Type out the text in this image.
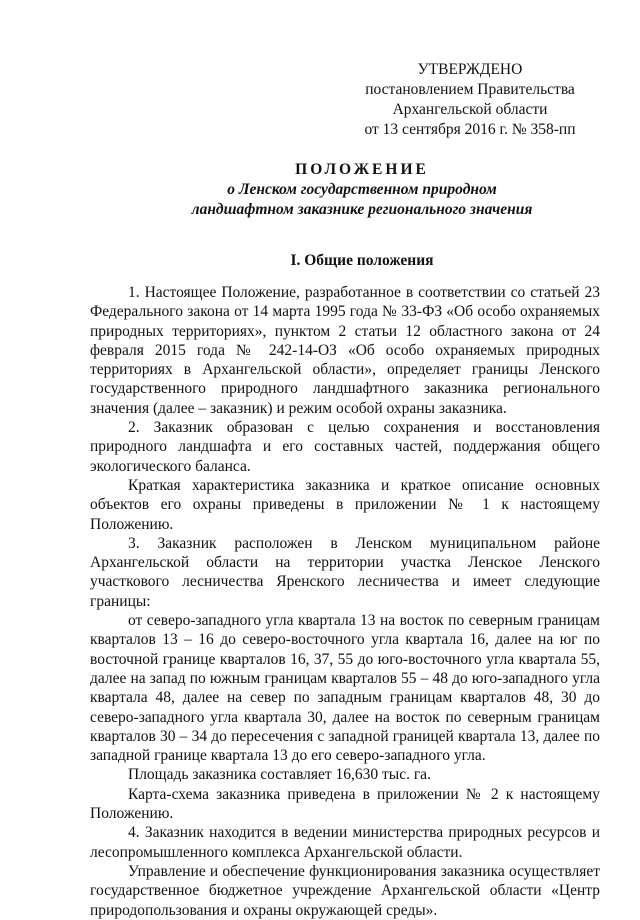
УТВЕРЖДЕНО
постановлением Правительства
Архангельской области
от 13 сентября 2016 г. № 358-пп
ПОЛОЖЕНИЕ
о Ленском государственном природном
ландшафтном заказнике регионального значения
I. Общие положения

1. Настоящее Положение, разработанное в соответствии со статьей 23 Федерального закона от 14 марта 1995 года № 33-ФЗ «Об особо охраняемых природных территориях», пунктом 2 статьи 12 областного закона от 24 февраля 2015 года № 242-14-ОЗ «Об особо охраняемых природных территориях в Архангельской области», определяет границы Ленского государственного природного ландшафтного заказника регионального значения (далее – заказник) и режим особой охраны заказника.

2. Заказник образован с целью сохранения и восстановления природного ландшафта и его составных частей, поддержания общего экологического баланса.

Краткая характеристика заказника и краткое описание основных объектов его охраны приведены в приложении № 1 к настоящему Положению.

3. Заказник расположен в Ленском муниципальном районе Архангельской области на территории участка Ленское Ленского участкового лесничества Яренского лесничества и имеет следующие границы:

от северо-западного угла квартала 13 на восток по северным границам кварталов 13 – 16 до северо-восточного угла квартала 16, далее на юг по восточной границе кварталов 16, 37, 55 до юго-восточного угла квартала 55, далее на запад по южным границам кварталов 55 – 48 до юго-западного угла квартала 48, далее на север по западным границам кварталов 48, 30 до северо-западного угла квартала 30, далее на восток по северным границам кварталов 30 – 34 до пересечения с западной границей квартала 13, далее по западной границе квартала 13 до его северо-западного угла.

Площадь заказника составляет 16,630 тыс. га.

Карта-схема заказника приведена в приложении № 2 к настоящему Положению.

4. Заказник находится в ведении министерства природных ресурсов и лесопромышленного комплекса Архангельской области.

Управление и обеспечение функционирования заказника осуществляет государственное бюджетное учреждение Архангельской области «Центр природопользования и охраны окружающей среды».
